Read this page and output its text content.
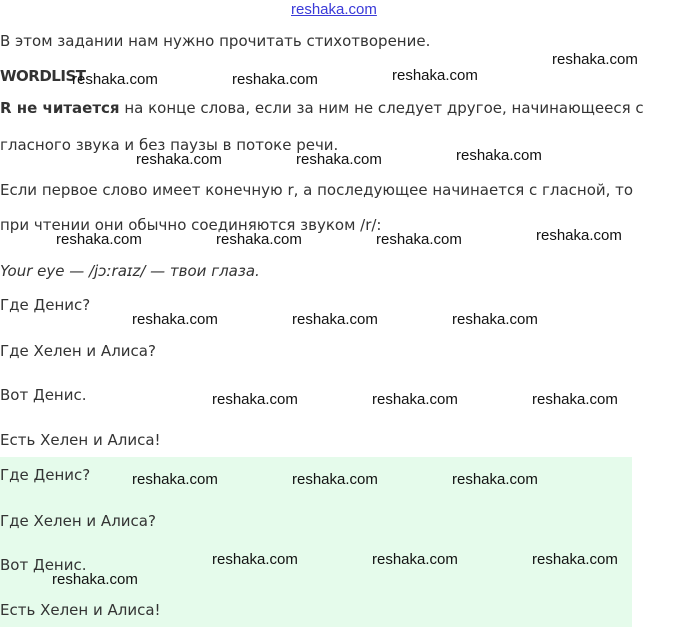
reshaka.com
В этом задании нам нужно прочитать стихотворение.
WORDLIST
R не читается на конце слова, если за ним не следует другое, начинающееся с
гласного звука и без паузы в потоке речи.
Если первое слово имеет конечную r, а последующее начинается с гласной, то
при чтении они обычно соединяются звуком /r/:
Your eye — /jɔːraɪz/ — твои глаза.
Где Денис?
Где Хелен и Алиса?
Вот Денис.
Есть Хелен и Алиса!
Где Денис?
Где Хелен и Алиса?
Вот Денис.
Есть Хелен и Алиса!
reshaka.com	reshaka.com	reshaka.com
reshaka.com
reshaka.com	reshaka.com	reshaka.com
reshaka.com	reshaka.com	reshaka.com	reshaka.com
reshaka.com	reshaka.com	reshaka.com
reshaka.com	reshaka.com	reshaka.com
reshaka.com	reshaka.com	reshaka.com
reshaka.com	reshaka.com	reshaka.com
reshaka.com
